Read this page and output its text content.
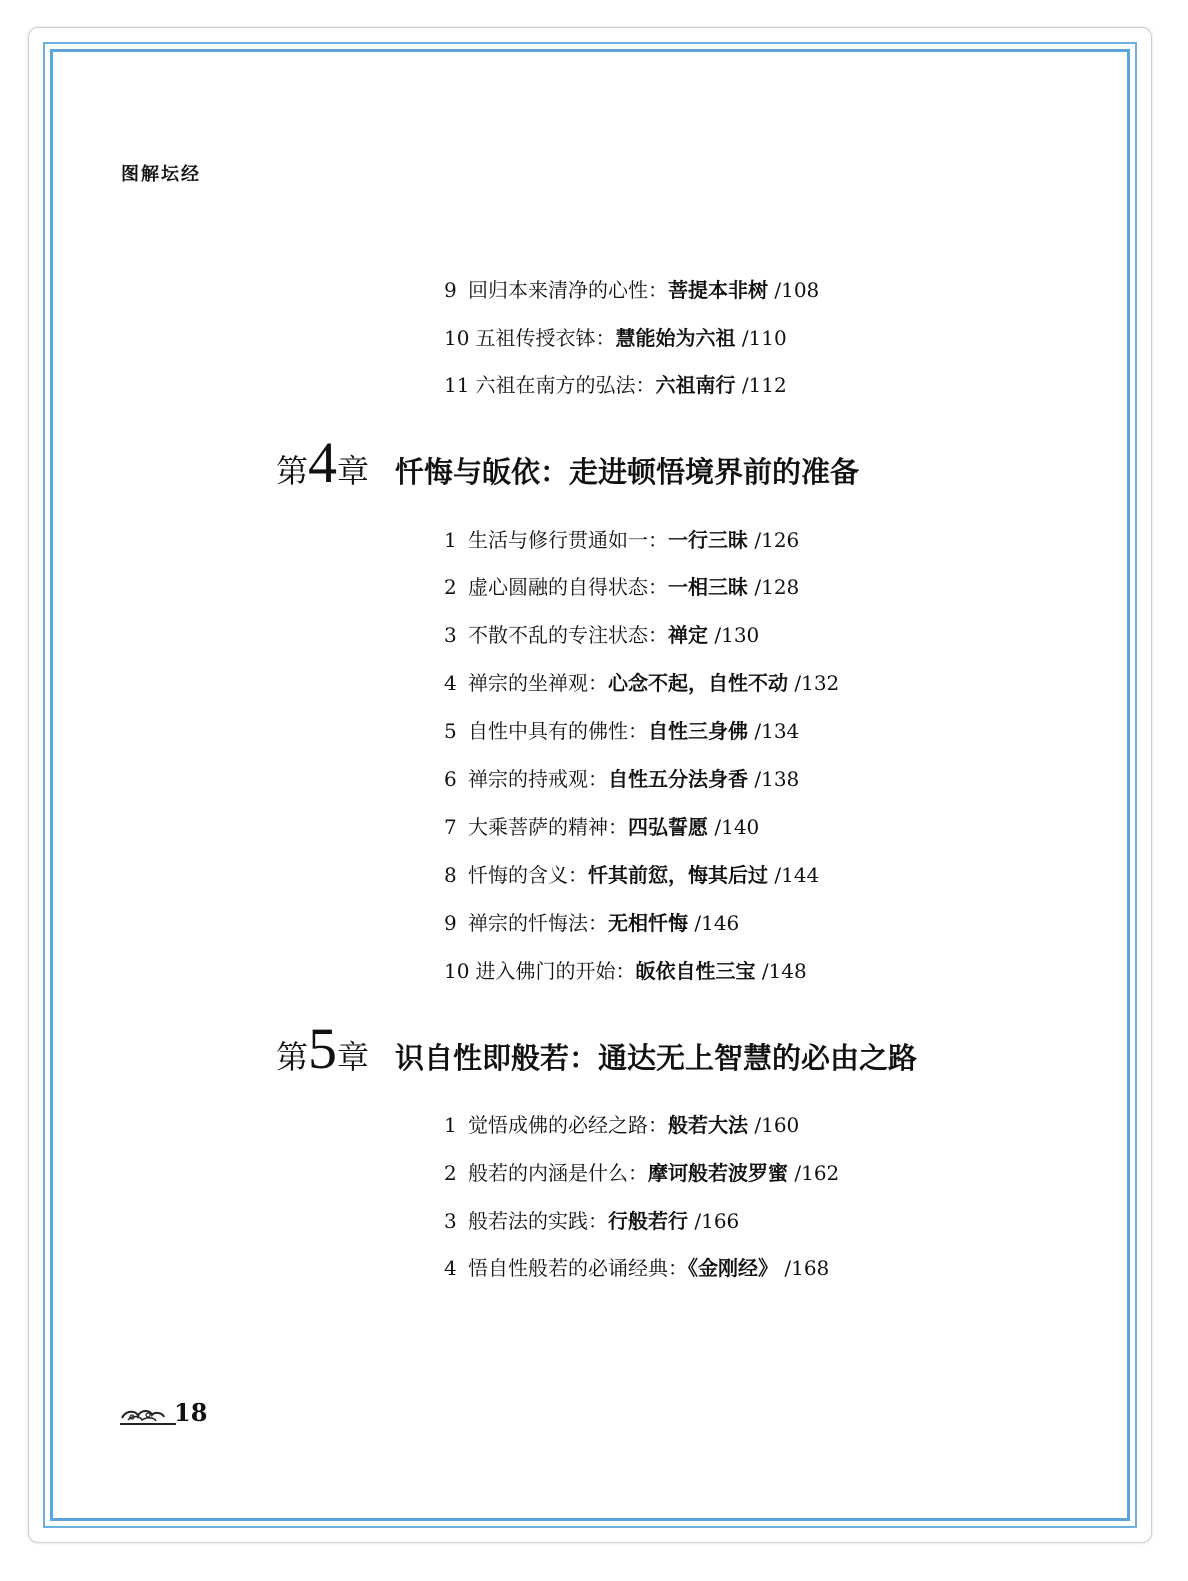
图解坛经
9 回归本来清净的心性：菩提本非树 /108
10 五祖传授衣钵：慧能始为六祖 /110
11 六祖在南方的弘法：六祖南行 /112
第4章 忏悔与皈依：走进顿悟境界前的准备
1 生活与修行贯通如一：一行三昧 /126
2 虚心圆融的自得状态：一相三昧 /128
3 不散不乱的专注状态：禅定 /130
4 禅宗的坐禅观：心念不起，自性不动 /132
5 自性中具有的佛性：自性三身佛 /134
6 禅宗的持戒观：自性五分法身香 /138
7 大乘菩萨的精神：四弘誓愿 /140
8 忏悔的含义：忏其前愆，悔其后过 /144
9 禅宗的忏悔法：无相忏悔 /146
10 进入佛门的开始：皈依自性三宝 /148
第5章 识自性即般若：通达无上智慧的必由之路
1 觉悟成佛的必经之路：般若大法 /160
2 般若的内涵是什么：摩诃般若波罗蜜 /162
3 般若法的实践：行般若行 /166
4 悟自性般若的必诵经典：《金刚经》 /168
18
